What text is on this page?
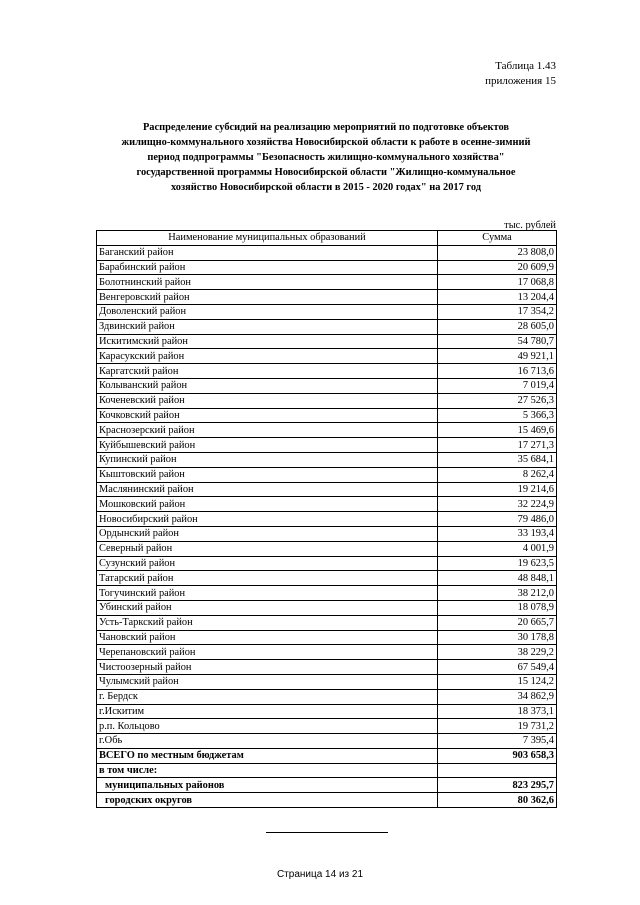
Таблица 1.43
приложения 15
Распределение субсидий на реализацию мероприятий по подготовке объектов
жилищно-коммунального хозяйства Новосибирской области к работе в осенне-зимний
период подпрограммы "Безопасность жилищно-коммунального хозяйства"
государственной программы Новосибирской области "Жилищно-коммунальное
хозяйство Новосибирской области в 2015 - 2020 годах" на 2017 год
тыс. рублей
Наименование муниципальных образований	Сумма
Баганский район	23 808,0
Барабинский район	20 609,9
Болотнинский район	17 068,8
Венгеровский район	13 204,4
Доволенский район	17 354,2
Здвинский район	28 605,0
Искитимский район	54 780,7
Карасукский район	49 921,1
Каргатский район	16 713,6
Колыванский район	7 019,4
Коченевский район	27 526,3
Кочковский район	5 366,3
Краснозерский район	15 469,6
Куйбышевский район	17 271,3
Купинский район	35 684,1
Кыштовский район	8 262,4
Маслянинский район	19 214,6
Мошковский район	32 224,9
Новосибирский район	79 486,0
Ордынский район	33 193,4
Северный район	4 001,9
Сузунский район	19 623,5
Татарский район	48 848,1
Тогучинский район	38 212,0
Убинский район	18 078,9
Усть-Таркский район	20 665,7
Чановский район	30 178,8
Черепановский район	38 229,2
Чистоозерный район	67 549,4
Чулымский район	15 124,2
г. Бердск	34 862,9
г.Искитим	18 373,1
р.п. Кольцово	19 731,2
г.Обь	7 395,4
ВСЕГО по местным бюджетам	903 658,3
в том числе:	
муниципальных районов	823 295,7
городских округов	80 362,6
Страница 14 из 21
